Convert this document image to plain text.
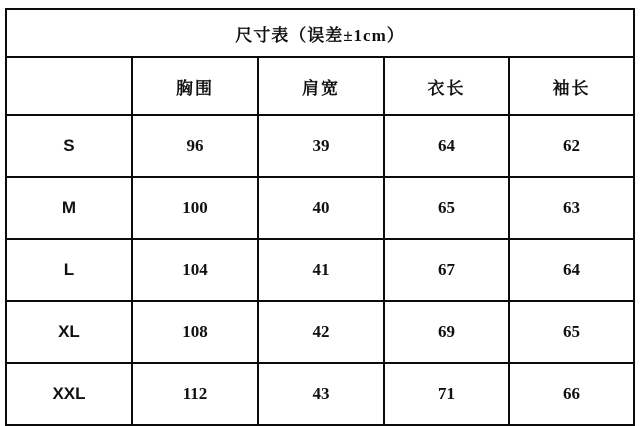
尺寸表（误差±1cm）				
	胸围	肩宽	衣长	袖长
S	96	39	64	62
M	100	40	65	63
L	104	41	67	64
XL	108	42	69	65
XXL	112	43	71	66
